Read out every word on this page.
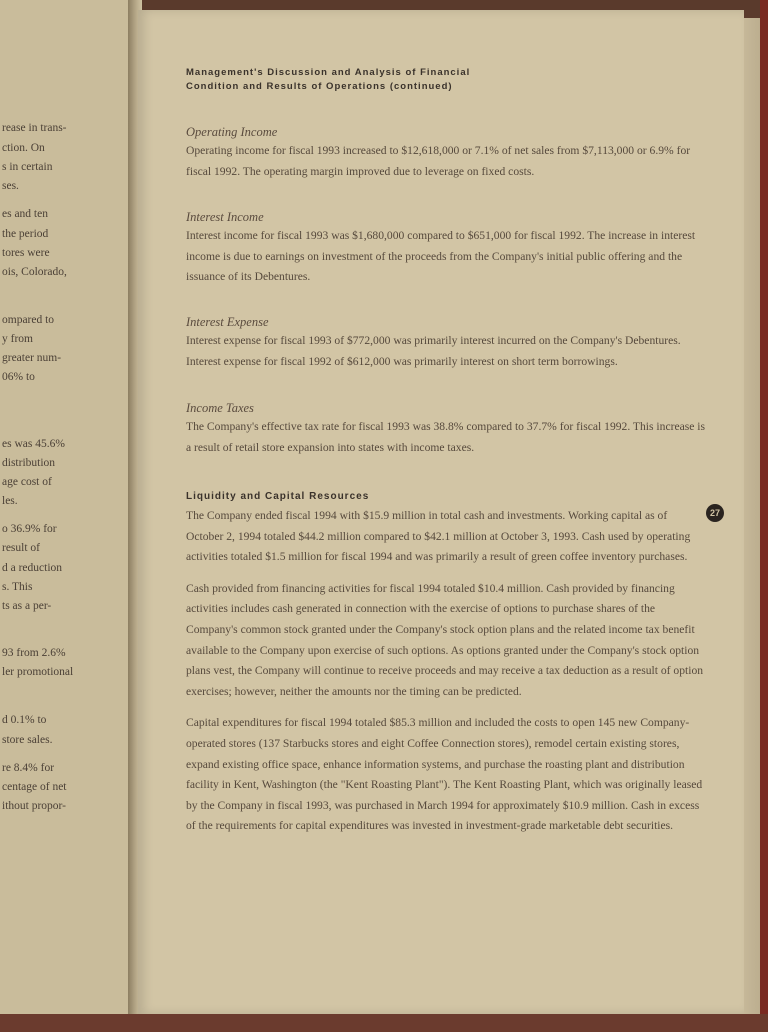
rease in trans-
ction. On
s in certain
ses.
es and ten
the period
tores were
ois, Colorado,
ompared to
y from
greater num-
06% to
es was 45.6%
distribution
age cost of
les.
o 36.9% for
result of
d a reduction
s. This
ts as a per-
93 from 2.6%
ler promotional
d 0.1% to
store sales.
re 8.4% for
centage of net
ithout propor-
Management's Discussion and Analysis of Financial
Condition and Results of Operations (continued)
Operating Income

Operating income for fiscal 1993 increased to $12,618,000 or 7.1% of net sales from $7,113,000 or 6.9% for fiscal 1992. The operating margin improved due to leverage on fixed costs.

Interest Income

Interest income for fiscal 1993 was $1,680,000 compared to $651,000 for fiscal 1992. The increase in interest income is due to earnings on investment of the proceeds from the Company's initial public offering and the issuance of its Debentures.

Interest Expense

Interest expense for fiscal 1993 of $772,000 was primarily interest incurred on the Company's Debentures. Interest expense for fiscal 1992 of $612,000 was primarily interest on short term borrowings.

Income Taxes

The Company's effective tax rate for fiscal 1993 was 38.8% compared to 37.7% for fiscal 1992. This increase is a result of retail store expansion into states with income taxes.

Liquidity and Capital Resources

The Company ended fiscal 1994 with $15.9 million in total cash and investments. Working capital as of October 2, 1994 totaled $44.2 million compared to $42.1 million at October 3, 1993. Cash used by operating activities totaled $1.5 million for fiscal 1994 and was primarily a result of green coffee inventory purchases.

Cash provided from financing activities for fiscal 1994 totaled $10.4 million. Cash provided by financing activities includes cash generated in connection with the exercise of options to purchase shares of the Company's common stock granted under the Company's stock option plans and the related income tax benefit available to the Company upon exercise of such options. As options granted under the Company's stock option plans vest, the Company will continue to receive proceeds and may receive a tax deduction as a result of option exercises; however, neither the amounts nor the timing can be predicted.

Capital expenditures for fiscal 1994 totaled $85.3 million and included the costs to open 145 new Company-operated stores (137 Starbucks stores and eight Coffee Connection stores), remodel certain existing stores, expand existing office space, enhance information systems, and purchase the roasting plant and distribution facility in Kent, Washington (the "Kent Roasting Plant"). The Kent Roasting Plant, which was originally leased by the Company in fiscal 1993, was purchased in March 1994 for approximately $10.9 million. Cash in excess of the requirements for capital expenditures was invested in investment-grade marketable debt securities.

27
